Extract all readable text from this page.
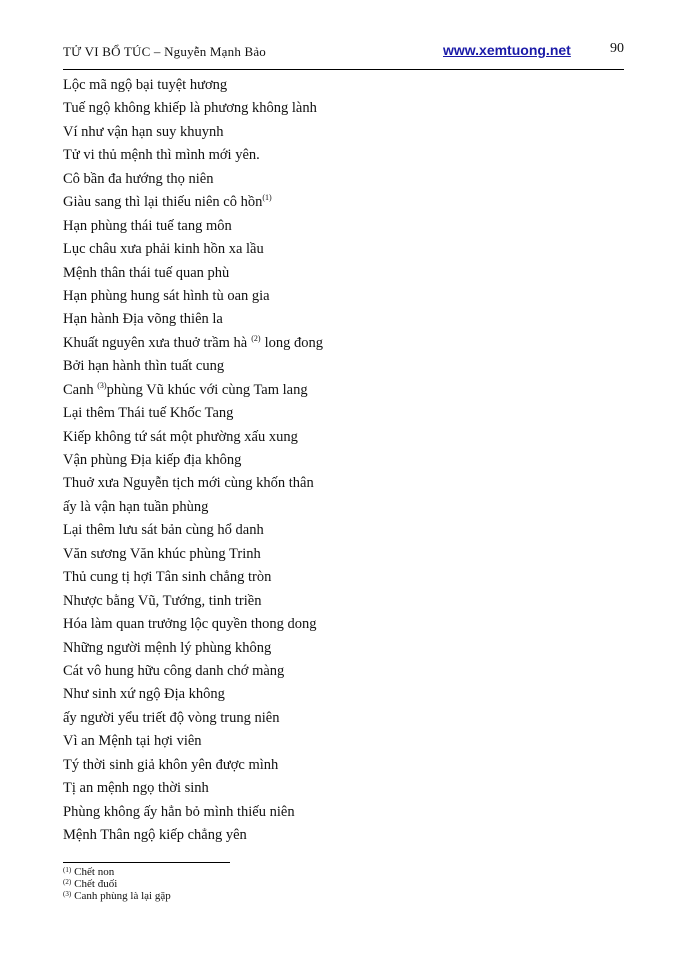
TỬ VI BỔ TÚC – Nguyễn Mạnh Bảo	www.xemtuong.net	90
Lộc mã ngộ bại tuyệt hương
Tuế ngộ không khiếp là phương không lành
Ví như vận hạn suy khuynh
Tử vi thủ mệnh thì mình mới yên.
Cô bần đa hướng thọ niên
Giàu sang thì lại thiếu niên cô hồn$^{(1)}$
Hạn phùng thái tuế tang môn
Lục châu xưa phải kinh hồn xa lầu
Mệnh thân thái tuế quan phù
Hạn phùng hung sát hình tù oan gia
Hạn hành Địa võng thiên la
Khuất nguyên xưa thuở trầm hà $^{(2)}$ long đong
Bởi hạn hành thìn tuất cung
Canh $^{(3)}$phùng Vũ khúc với cùng Tam lang
Lại thêm Thái tuế Khốc Tang
Kiếp không tứ sát một phường xấu xung
Vận phùng Địa kiếp địa không
Thuở xưa Nguyễn tịch mới cùng khốn thân
ấy là vận hạn tuần phùng
Lại thêm lưu sát bản cùng hổ danh
Văn sương Văn khúc phùng Trinh
Thủ cung tị hợi Tân sinh chẳng tròn
Nhược bằng Vũ, Tướng, tinh triền
Hóa làm quan trưởng lộc quyền thong dong
Những người mệnh lý phùng không
Cát vô hung hữu công danh chớ màng
Như sinh xứ ngộ Địa không
ấy người yểu triết độ vòng trung niên
Vì an Mệnh tại hợi viên
Tý thời sinh giả khôn yên được mình
Tị an mệnh ngọ thời sinh
Phùng không ấy hẳn bỏ mình thiếu niên
Mệnh Thân ngộ kiếp chẳng yên
$^{(1)}$ Chết non
$^{(2)}$ Chết đuối
$^{(3)}$ Canh phùng là lại gặp
